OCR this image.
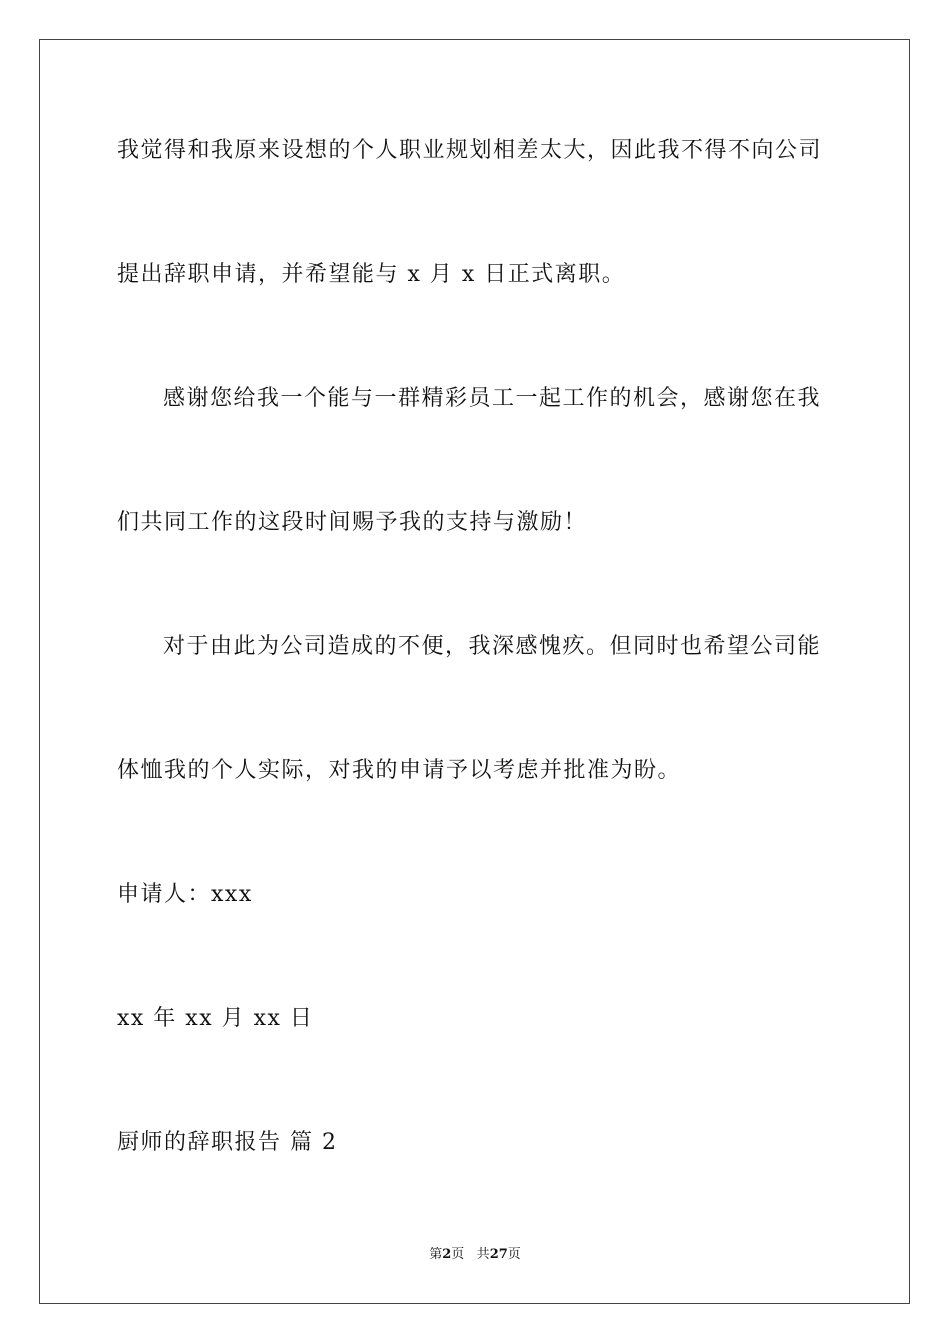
我觉得和我原来设想的个人职业规划相差太大，因此我不得不向公司
提出辞职申请，并希望能与 x 月 x 日正式离职。
感谢您给我一个能与一群精彩员工一起工作的机会，感谢您在我
们共同工作的这段时间赐予我的支持与激励！
对于由此为公司造成的不便，我深感愧疚。但同时也希望公司能
体恤我的个人实际，对我的申请予以考虑并批准为盼。
申请人：xxx
xx 年 xx 月 xx 日
厨师的辞职报告 篇 2
第2页 共27页
